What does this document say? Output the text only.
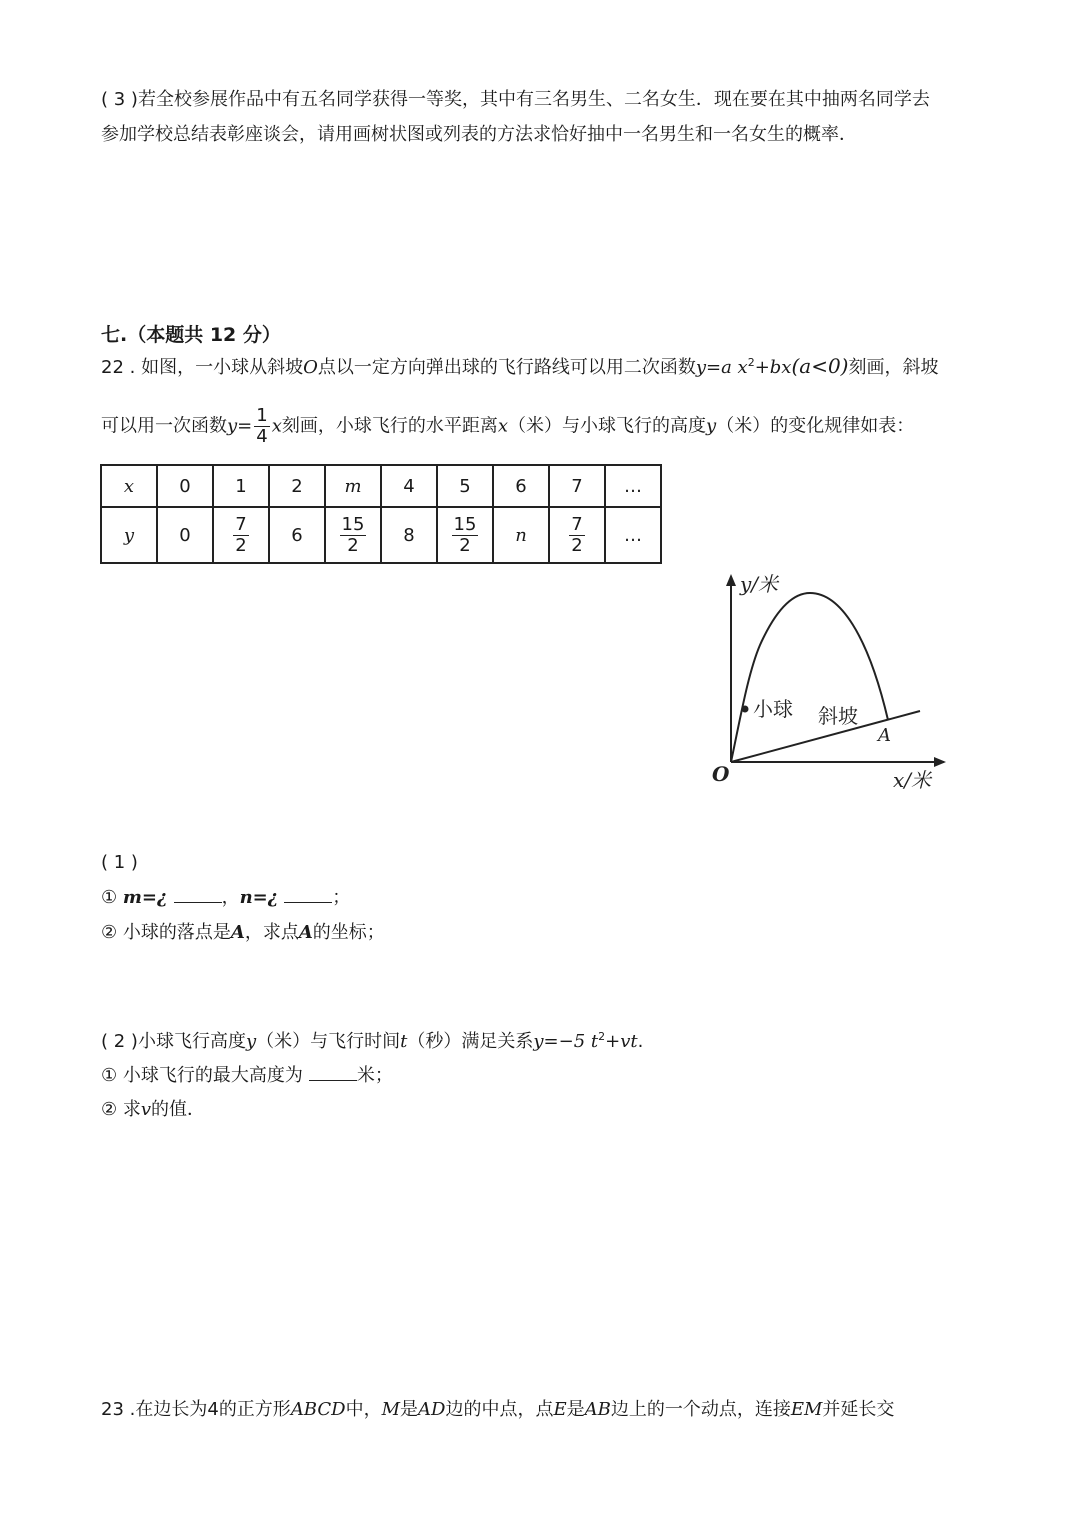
( 3 )若全校参展作品中有五名同学获得一等奖，其中有三名男生、二名女生．现在要在其中抽两名同学去
参加学校总结表彰座谈会，请用画树状图或列表的方法求恰好抽中一名男生和一名女生的概率．
七.（本题共 12 分）
22 . 如图，一小球从斜坡O点以一定方向弹出球的飞行路线可以用二次函数y=a $x^2+bx(a<0)$刻画，斜坡
可以用一次函数$y= \frac{1}{4}$ x刻画，小球飞行的水平距离x（米）与小球飞行的高度y（米）的变化规律如表：
x	0	1	2	m	4	5	6	7	…
y	0	$\frac{7}{2}$	6	$\frac{15}{2}$	8	$\frac{15}{2}$	n	$\frac{7}{2}$	…
y/米
x/米
O
小球 斜坡
A
( 1 )
① m=¿	，n=¿	；
② 小球的落点是A，求点A的坐标；
( 2 )小球飞行高度y（米）与飞行时间t（秒）满足关系y=−5 $t^2+vt$.
① 小球飞行的最大高度为	米；
② 求v的值．
23 .在边长为4的正方形ABCD中，M是AD边的中点，点E是AB边上的一个动点，连接EM并延长交
